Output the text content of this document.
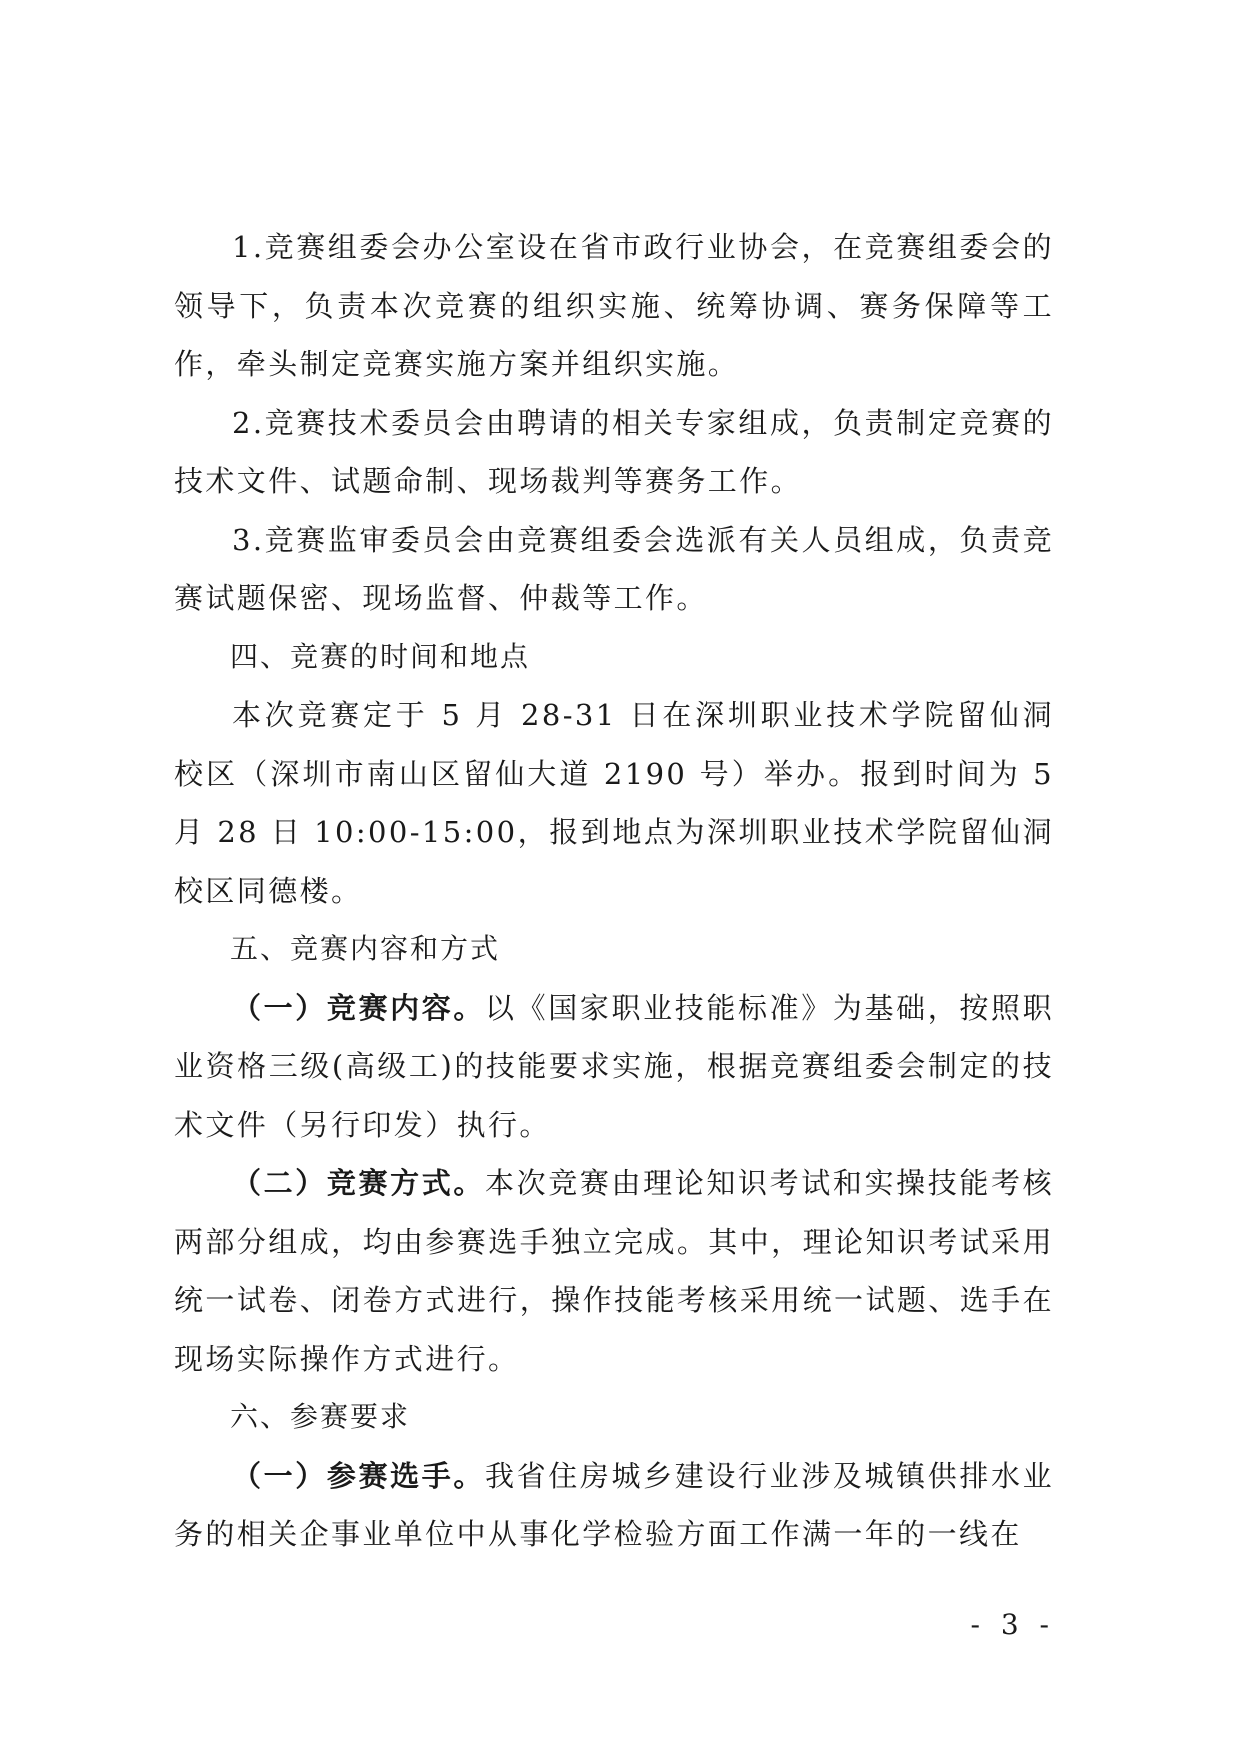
1.竞赛组委会办公室设在省市政行业协会，在竞赛组委会的领导下，负责本次竞赛的组织实施、统筹协调、赛务保障等工作，牵头制定竞赛实施方案并组织实施。

2.竞赛技术委员会由聘请的相关专家组成，负责制定竞赛的技术文件、试题命制、现场裁判等赛务工作。

3.竞赛监审委员会由竞赛组委会选派有关人员组成，负责竞赛试题保密、现场监督、仲裁等工作。

四、竞赛的时间和地点

本次竞赛定于 5 月 28-31 日在深圳职业技术学院留仙洞校区（深圳市南山区留仙大道 2190 号）举办。报到时间为 5 月 28 日 10:00-15:00，报到地点为深圳职业技术学院留仙洞校区同德楼。

五、竞赛内容和方式

（一）竞赛内容。以《国家职业技能标准》为基础，按照职业资格三级(高级工)的技能要求实施，根据竞赛组委会制定的技术文件（另行印发）执行。

（二）竞赛方式。本次竞赛由理论知识考试和实操技能考核两部分组成，均由参赛选手独立完成。其中，理论知识考试采用统一试卷、闭卷方式进行，操作技能考核采用统一试题、选手在现场实际操作方式进行。

六、参赛要求

（一）参赛选手。我省住房城乡建设行业涉及城镇供排水业务的相关企事业单位中从事化学检验方面工作满一年的一线在

- 3 -
